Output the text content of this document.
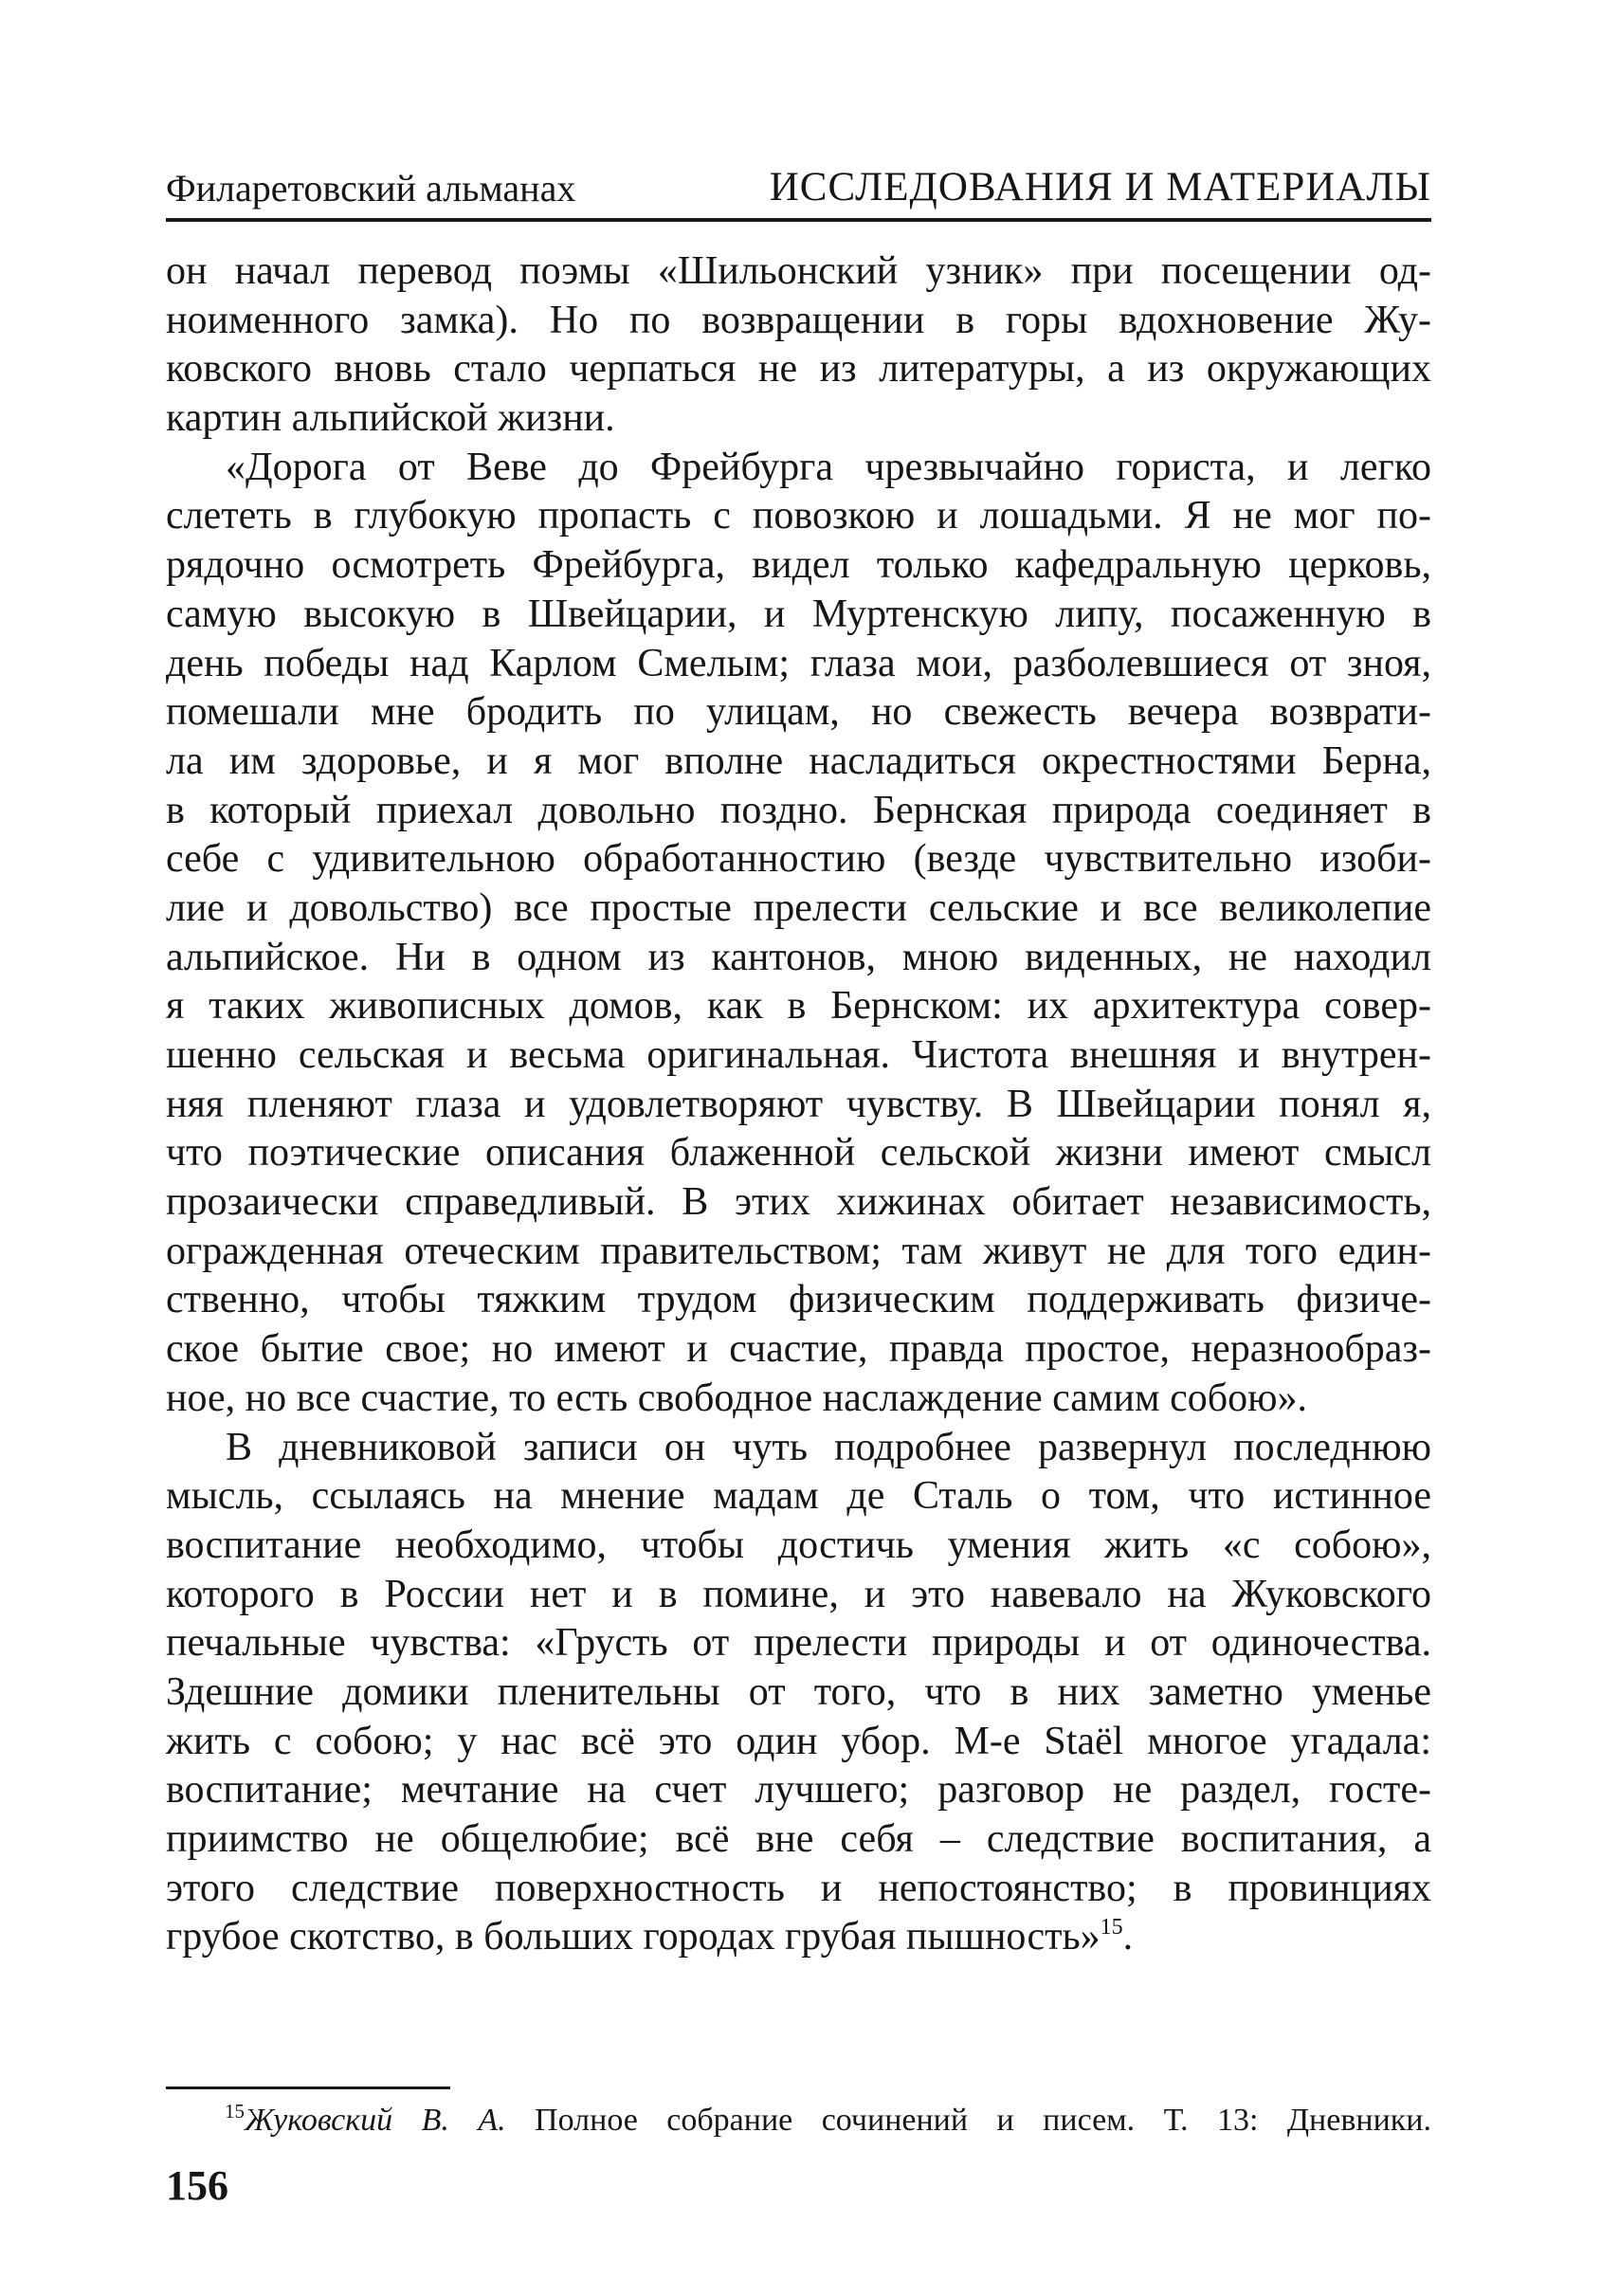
Филаретовский альманах	ИССЛЕДОВАНИЯ И МАТЕРИАЛЫ
он начал перевод поэмы «Шильонский узник» при посещении од-
ноименного замка). Но по возвращении в горы вдохновение Жу-
ковского вновь стало черпаться не из литературы, а из окружающих
картин альпийской жизни.
«Дорога от Веве до Фрейбурга чрезвычайно гориста, и легко
слететь в глубокую пропасть с повозкою и лошадьми. Я не мог по-
рядочно осмотреть Фрейбурга, видел только кафедральную церковь,
самую высокую в Швейцарии, и Муртенскую липу, посаженную в
день победы над Карлом Смелым; глаза мои, разболевшиеся от зноя,
помешали мне бродить по улицам, но свежесть вечера возврати-
ла им здоровье, и я мог вполне насладиться окрестностями Берна,
в который приехал довольно поздно. Бернская природа соединяет в
себе с удивительною обработанностию (везде чувствительно изоби-
лие и довольство) все простые прелести сельские и все великолепие
альпийское. Ни в одном из кантонов, мною виденных, не находил
я таких живописных домов, как в Бернском: их архитектура совер-
шенно сельская и весьма оригинальная. Чистота внешняя и внутрен-
няя пленяют глаза и удовлетворяют чувству. В Швейцарии понял я,
что поэтические описания блаженной сельской жизни имеют смысл
прозаически справедливый. В этих хижинах обитает независимость,
огражденная отеческим правительством; там живут не для того един-
ственно, чтобы тяжким трудом физическим поддерживать физиче-
ское бытие свое; но имеют и счастие, правда простое, неразнообраз-
ное, но все счастие, то есть свободное наслаждение самим собою».
В дневниковой записи он чуть подробнее развернул последнюю
мысль, ссылаясь на мнение мадам де Сталь о том, что истинное
воспитание необходимо, чтобы достичь умения жить «с собою»,
которого в России нет и в помине, и это навевало на Жуковского
печальные чувства: «Грусть от прелести природы и от одиночества.
Здешние домики пленительны от того, что в них заметно уменье
жить с собою; у нас всё это один убор. M-e Staël многое угадала:
воспитание; мечтание на счет лучшего; разговор не раздел, госте-
приимство не общелюбие; всё вне себя – следствие воспитания, а
этого следствие поверхностность и непостоянство; в провинциях
грубое скотство, в больших городах грубая пышность»$^{15}$.
$^{15}$Жуковский В. А. Полное собрание сочинений и писем. Т. 13: Дневники.
156
